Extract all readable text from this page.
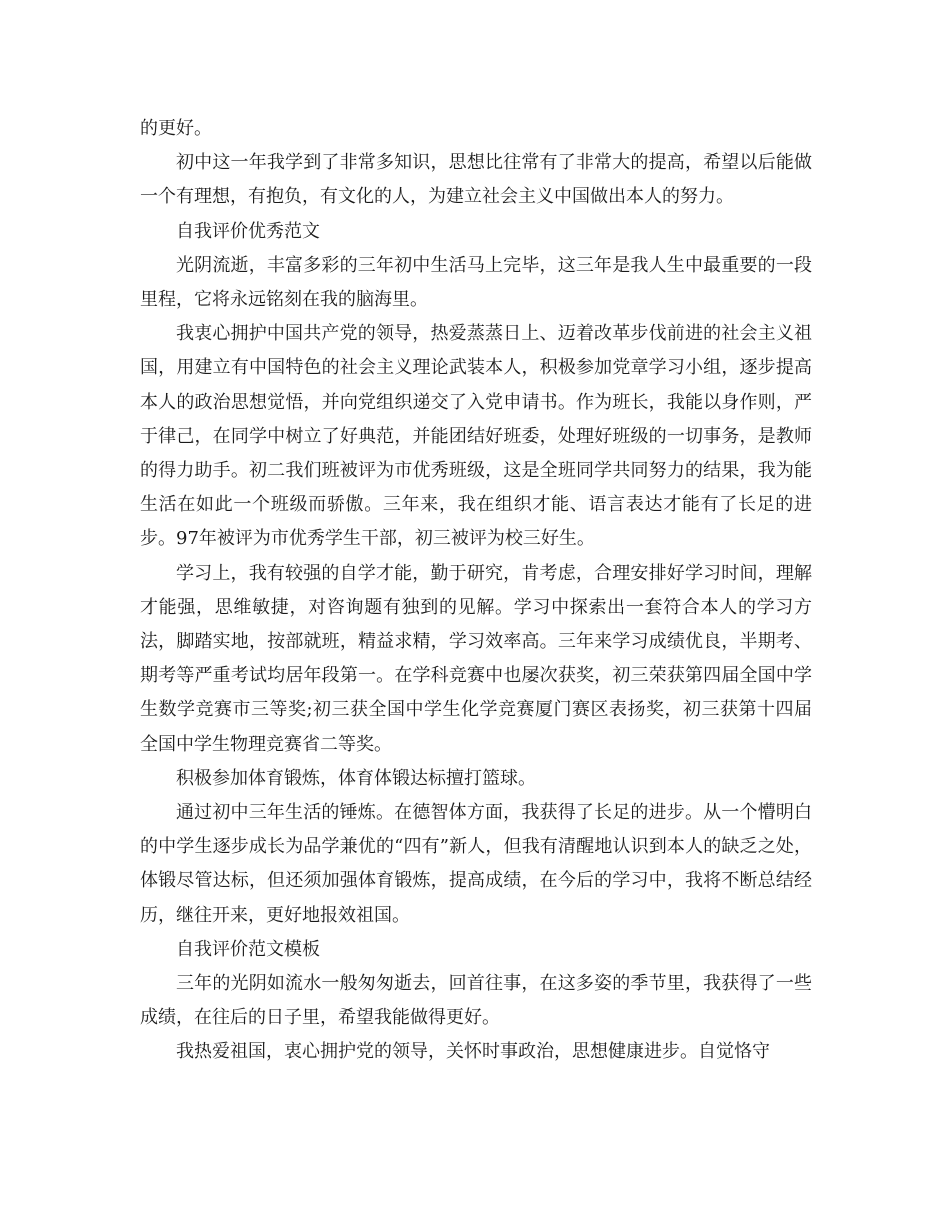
的更好。

初中这一年我学到了非常多知识，思想比往常有了非常大的提高，希望以后能做一个有理想，有抱负，有文化的人，为建立社会主义中国做出本人的努力。

自我评价优秀范文

光阴流逝，丰富多彩的三年初中生活马上完毕，这三年是我人生中最重要的一段里程，它将永远铭刻在我的脑海里。

我衷心拥护中国共产党的领导，热爱蒸蒸日上、迈着改革步伐前进的社会主义祖国，用建立有中国特色的社会主义理论武装本人，积极参加党章学习小组，逐步提高本人的政治思想觉悟，并向党组织递交了入党申请书。作为班长，我能以身作则，严于律己，在同学中树立了好典范，并能团结好班委，处理好班级的一切事务，是教师的得力助手。初二我们班被评为市优秀班级，这是全班同学共同努力的结果，我为能生活在如此一个班级而骄傲。三年来，我在组织才能、语言表达才能有了长足的进步。97年被评为市优秀学生干部，初三被评为校三好生。

学习上，我有较强的自学才能，勤于研究，肯考虑，合理安排好学习时间，理解才能强，思维敏捷，对咨询题有独到的见解。学习中探索出一套符合本人的学习方法，脚踏实地，按部就班，精益求精，学习效率高。三年来学习成绩优良，半期考、期考等严重考试均居年段第一。在学科竞赛中也屡次获奖，初三荣获第四届全国中学生数学竞赛市三等奖;初三获全国中学生化学竞赛厦门赛区表扬奖，初三获第十四届全国中学生物理竞赛省二等奖。

积极参加体育锻炼，体育体锻达标擅打篮球。

通过初中三年生活的锤炼。在德智体方面，我获得了长足的进步。从一个懵明白的中学生逐步成长为品学兼优的“四有”新人，但我有清醒地认识到本人的缺乏之处，体锻尽管达标，但还须加强体育锻炼，提高成绩，在今后的学习中，我将不断总结经历，继往开来，更好地报效祖国。

自我评价范文模板

三年的光阴如流水一般匆匆逝去，回首往事，在这多姿的季节里，我获得了一些成绩，在往后的日子里，希望我能做得更好。

我热爱祖国，衷心拥护党的领导，关怀时事政治，思想健康进步。自觉恪守
